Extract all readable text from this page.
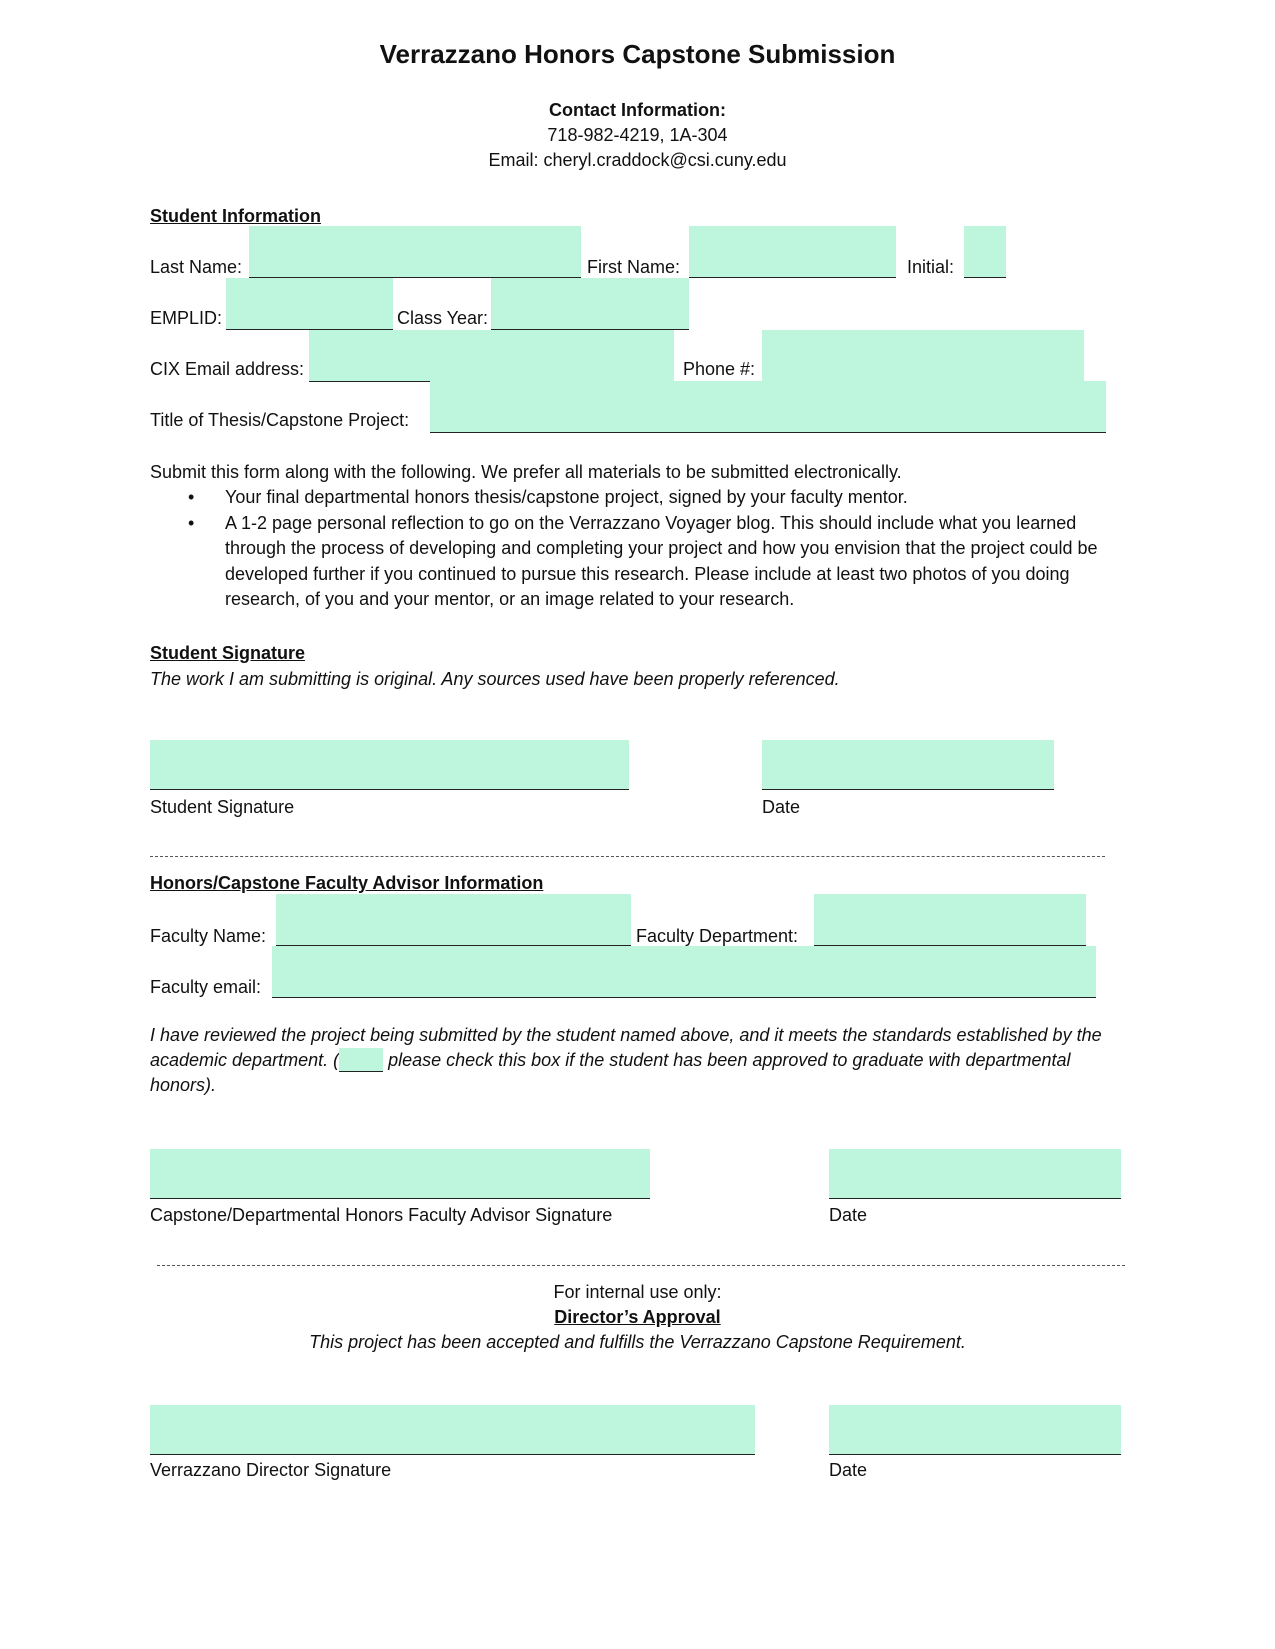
Verrazzano Honors Capstone Submission
Contact Information:
718-982-4219, 1A-304
Email: cheryl.craddock@csi.cuny.edu
Student Information
Last Name:	First Name:	Initial:
EMPLID:	Class Year:
CIX Email address:	Phone #:
Title of Thesis/Capstone Project:
Submit this form along with the following. We prefer all materials to be submitted electronically.
• Your final departmental honors thesis/capstone project, signed by your faculty mentor.
• A 1-2 page personal reflection to go on the Verrazzano Voyager blog. This should include what you learned through the process of developing and completing your project and how you envision that the project could be developed further if you continued to pursue this research. Please include at least two photos of you doing research, of you and your mentor, or an image related to your research.
Student Signature
The work I am submitting is original. Any sources used have been properly referenced.
Student Signature	Date
Honors/Capstone Faculty Advisor Information
Faculty Name:	Faculty Department:
Faculty email:
I have reviewed the project being submitted by the student named above, and it meets the standards established by the academic department. ( please check this box if the student has been approved to graduate with departmental honors).
Capstone/Departmental Honors Faculty Advisor Signature	Date
For internal use only:
Director’s Approval
This project has been accepted and fulfills the Verrazzano Capstone Requirement.
Verrazzano Director Signature	Date
